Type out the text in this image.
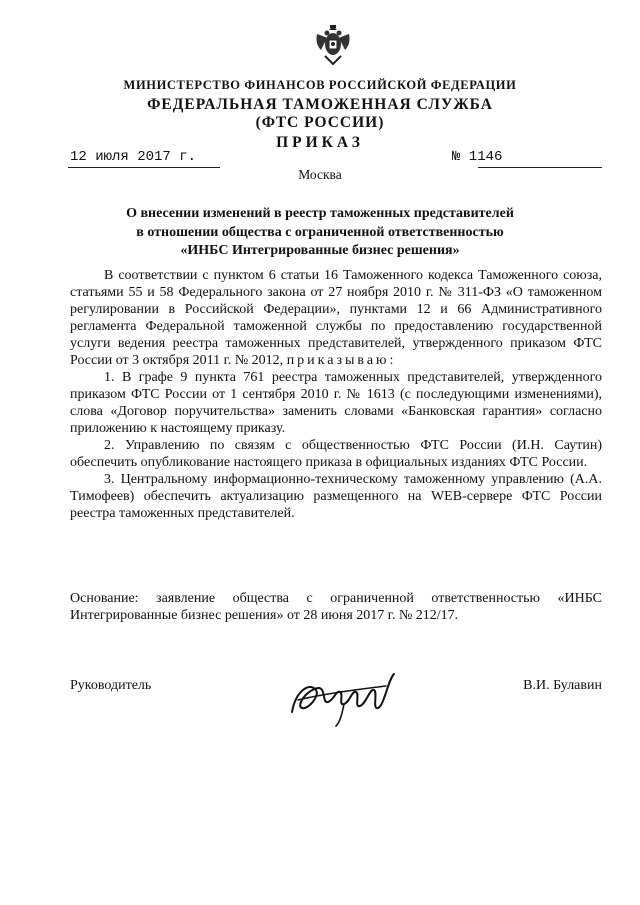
МИНИСТЕРСТВО ФИНАНСОВ РОССИЙСКОЙ ФЕДЕРАЦИИ
ФЕДЕРАЛЬНАЯ ТАМОЖЕННАЯ СЛУЖБА
(ФТС РОССИИ)
ПРИКАЗ
12 июля 2017 г.	№ 1146
Москва
О внесении изменений в реестр таможенных представителей
в отношении общества с ограниченной ответственностью
«ИНБС Интегрированные бизнес решения»

В соответствии с пунктом 6 статьи 16 Таможенного кодекса Таможенного союза, статьями 55 и 58 Федерального закона от 27 ноября 2010 г. № 311-ФЗ «О таможенном регулировании в Российской Федерации», пунктами 12 и 66 Административного регламента Федеральной таможенной службы по предоставлению государственной услуги ведения реестра таможенных представителей, утвержденного приказом ФТС России от 3 октября 2011 г. № 2012, приказываю:

1. В графе 9 пункта 761 реестра таможенных представителей, утвержденного приказом ФТС России от 1 сентября 2010 г. № 1613 (с последующими изменениями), слова «Договор поручительства» заменить словами «Банковская гарантия» согласно приложению к настоящему приказу.

2. Управлению по связям с общественностью ФТС России (И.Н. Саутин) обеспечить опубликование настоящего приказа в официальных изданиях ФТС России.

3. Центральному информационно-техническому таможенному управлению (А.А. Тимофеев) обеспечить актуализацию размещенного на WEB-сервере ФТС России реестра таможенных представителей.

Основание: заявление общества с ограниченной ответственностью «ИНБС Интегрированные бизнес решения» от 28 июня 2017 г. № 212/17.
Руководитель	В.И. Булавин
